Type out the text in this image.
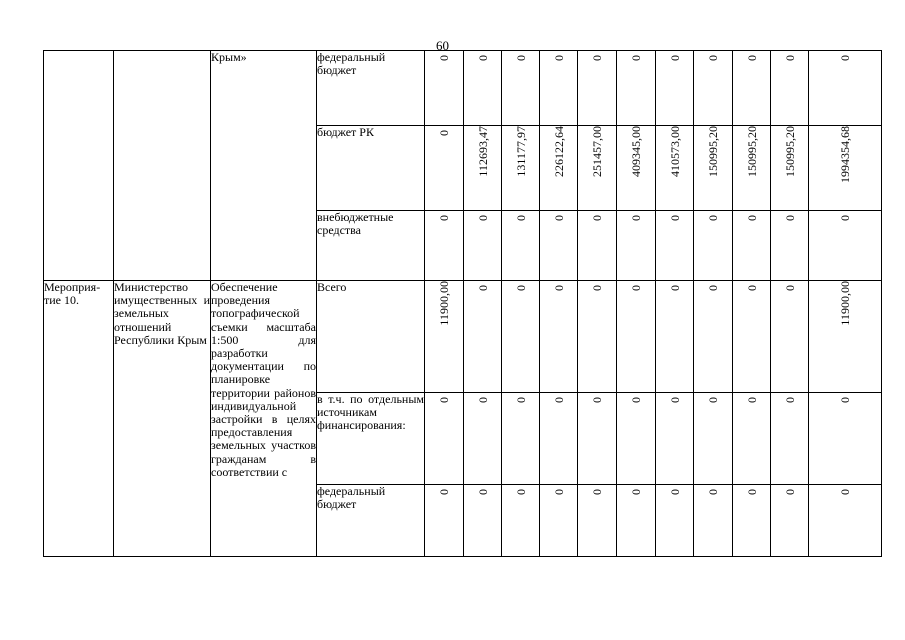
60
		Крым»	федеральный бюджет	0	0	0	0	0	0	0	0	0	0	0
			бюджет РК	0	112693,47	131177,97	226122,64	251457,00	409345,00	410573,00	150995,20	150995,20	150995,20	1994354,68
			внебюджетные средства	0	0	0	0	0	0	0	0	0	0	0
Мероприя-тие 10.	Министерство имущественных и земельных отношений Республики Крым	Обеспечение проведения топографической съемки масштаба 1:500 для разработки документации по планировке территории районов индивидуальной застройки в целях предоставления земельных участков гражданам в соответствии с	Всего	11900,00	0	0	0	0	0	0	0	0	0	11900,00
			в т.ч. по отдельным источникам финансирования:	0	0	0	0	0	0	0	0	0	0	0
			федеральный бюджет	0	0	0	0	0	0	0	0	0	0	0
